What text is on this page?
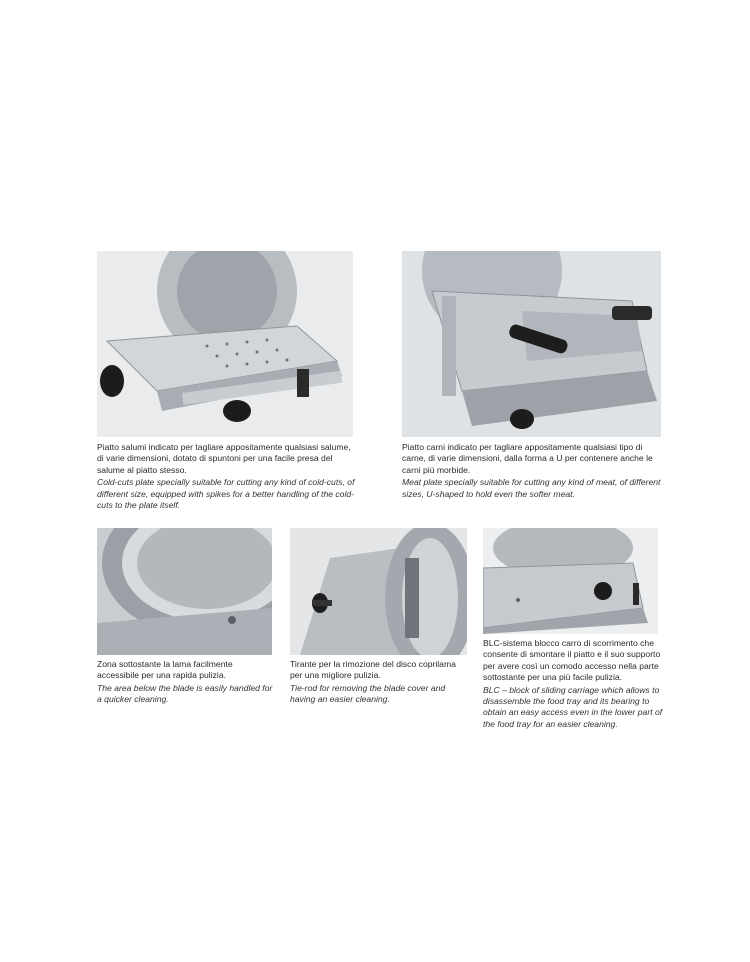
Piatto salumi indicato per tagliare appositamente qualsiasi salume, di varie dimensioni, dotato di spuntoni per una facile presa del salume al piatto stesso.

Cold-cuts plate specially suitable for cutting any kind of cold-cuts, of different size, equipped with spikes for a better handling of the cold-cuts to the plate itself.

Piatto carni indicato per tagliare appositamente qualsiasi tipo di carne, di varie dimensioni, dalla forma a U per contenere anche le carni più morbide.

Meat plate specially suitable for cutting any kind of meat, of different sizes, U-shaped to hold even the softer meat.

Zona sottostante la lama facilmente accessibile per una rapida pulizia.

The area below the blade is easily handled for a quicker cleaning.

Tirante per la rimozione del disco coprilama per una migliore pulizia.

Tie-rod for removing the blade cover and having an easier cleaning.

BLC-sistema blocco carro di scorrimento che consente di smontare il piatto e il suo supporto per avere così un comodo accesso nella parte sottostante per una più facile pulizia.

BLC – block of sliding carriage which allows to disassemble the food tray and its bearing to obtain an easy access even in the lower part of the food tray for an easier cleaning.
